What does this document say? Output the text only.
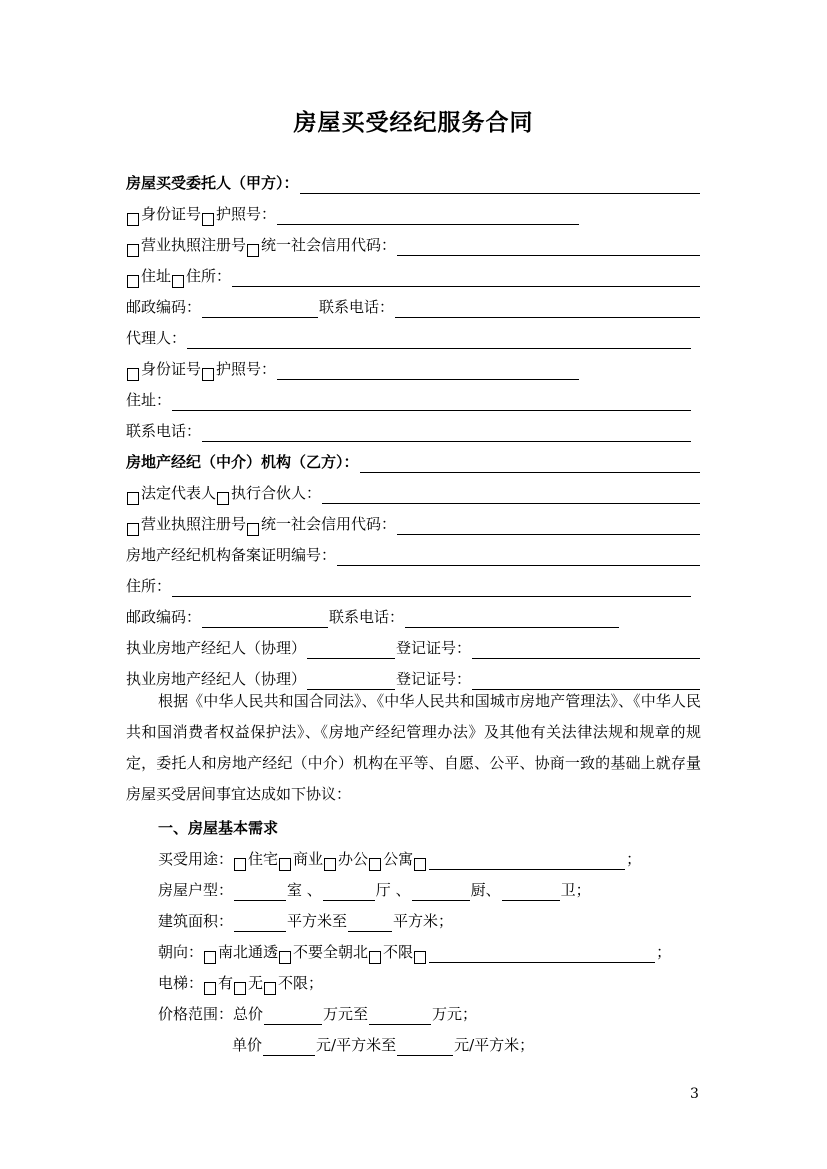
房屋买受经纪服务合同
房屋买受委托人（甲方）：
身份证号 护照号：
营业执照注册号 统一社会信用代码：
住址 住所：
邮政编码：	联系电话：
代理人：
身份证号 护照号：
住址：
联系电话：
房地产经纪（中介）机构（乙方）：
法定代表人 执行合伙人：
营业执照注册号 统一社会信用代码：
房地产经纪机构备案证明编号：
住所：
邮政编码：	联系电话：
执业房地产经纪人（协理）	登记证号：
执业房地产经纪人（协理）	登记证号：
根据《中华人民共和国合同法》、《中华人民共和国城市房地产管理法》、《中华人民共和国消费者权益保护法》、《房地产经纪管理办法》及其他有关法律法规和规章的规定，委托人和房地产经纪（中介）机构在平等、自愿、公平、协商一致的基础上就存量房屋买受居间事宜达成如下协议：
一、房屋基本需求
买受用途： 住宅 商业 办公 公寓	；
房屋户型：	室 、	厅 、	厨、	卫；
建筑面积：	平方米至	平方米；
朝向： 南北通透 不要全朝北 不限	；
电梯： 有 无 不限；
价格范围：总价	万元至	万元；
单价	元/平方米至	元/平方米；
3
